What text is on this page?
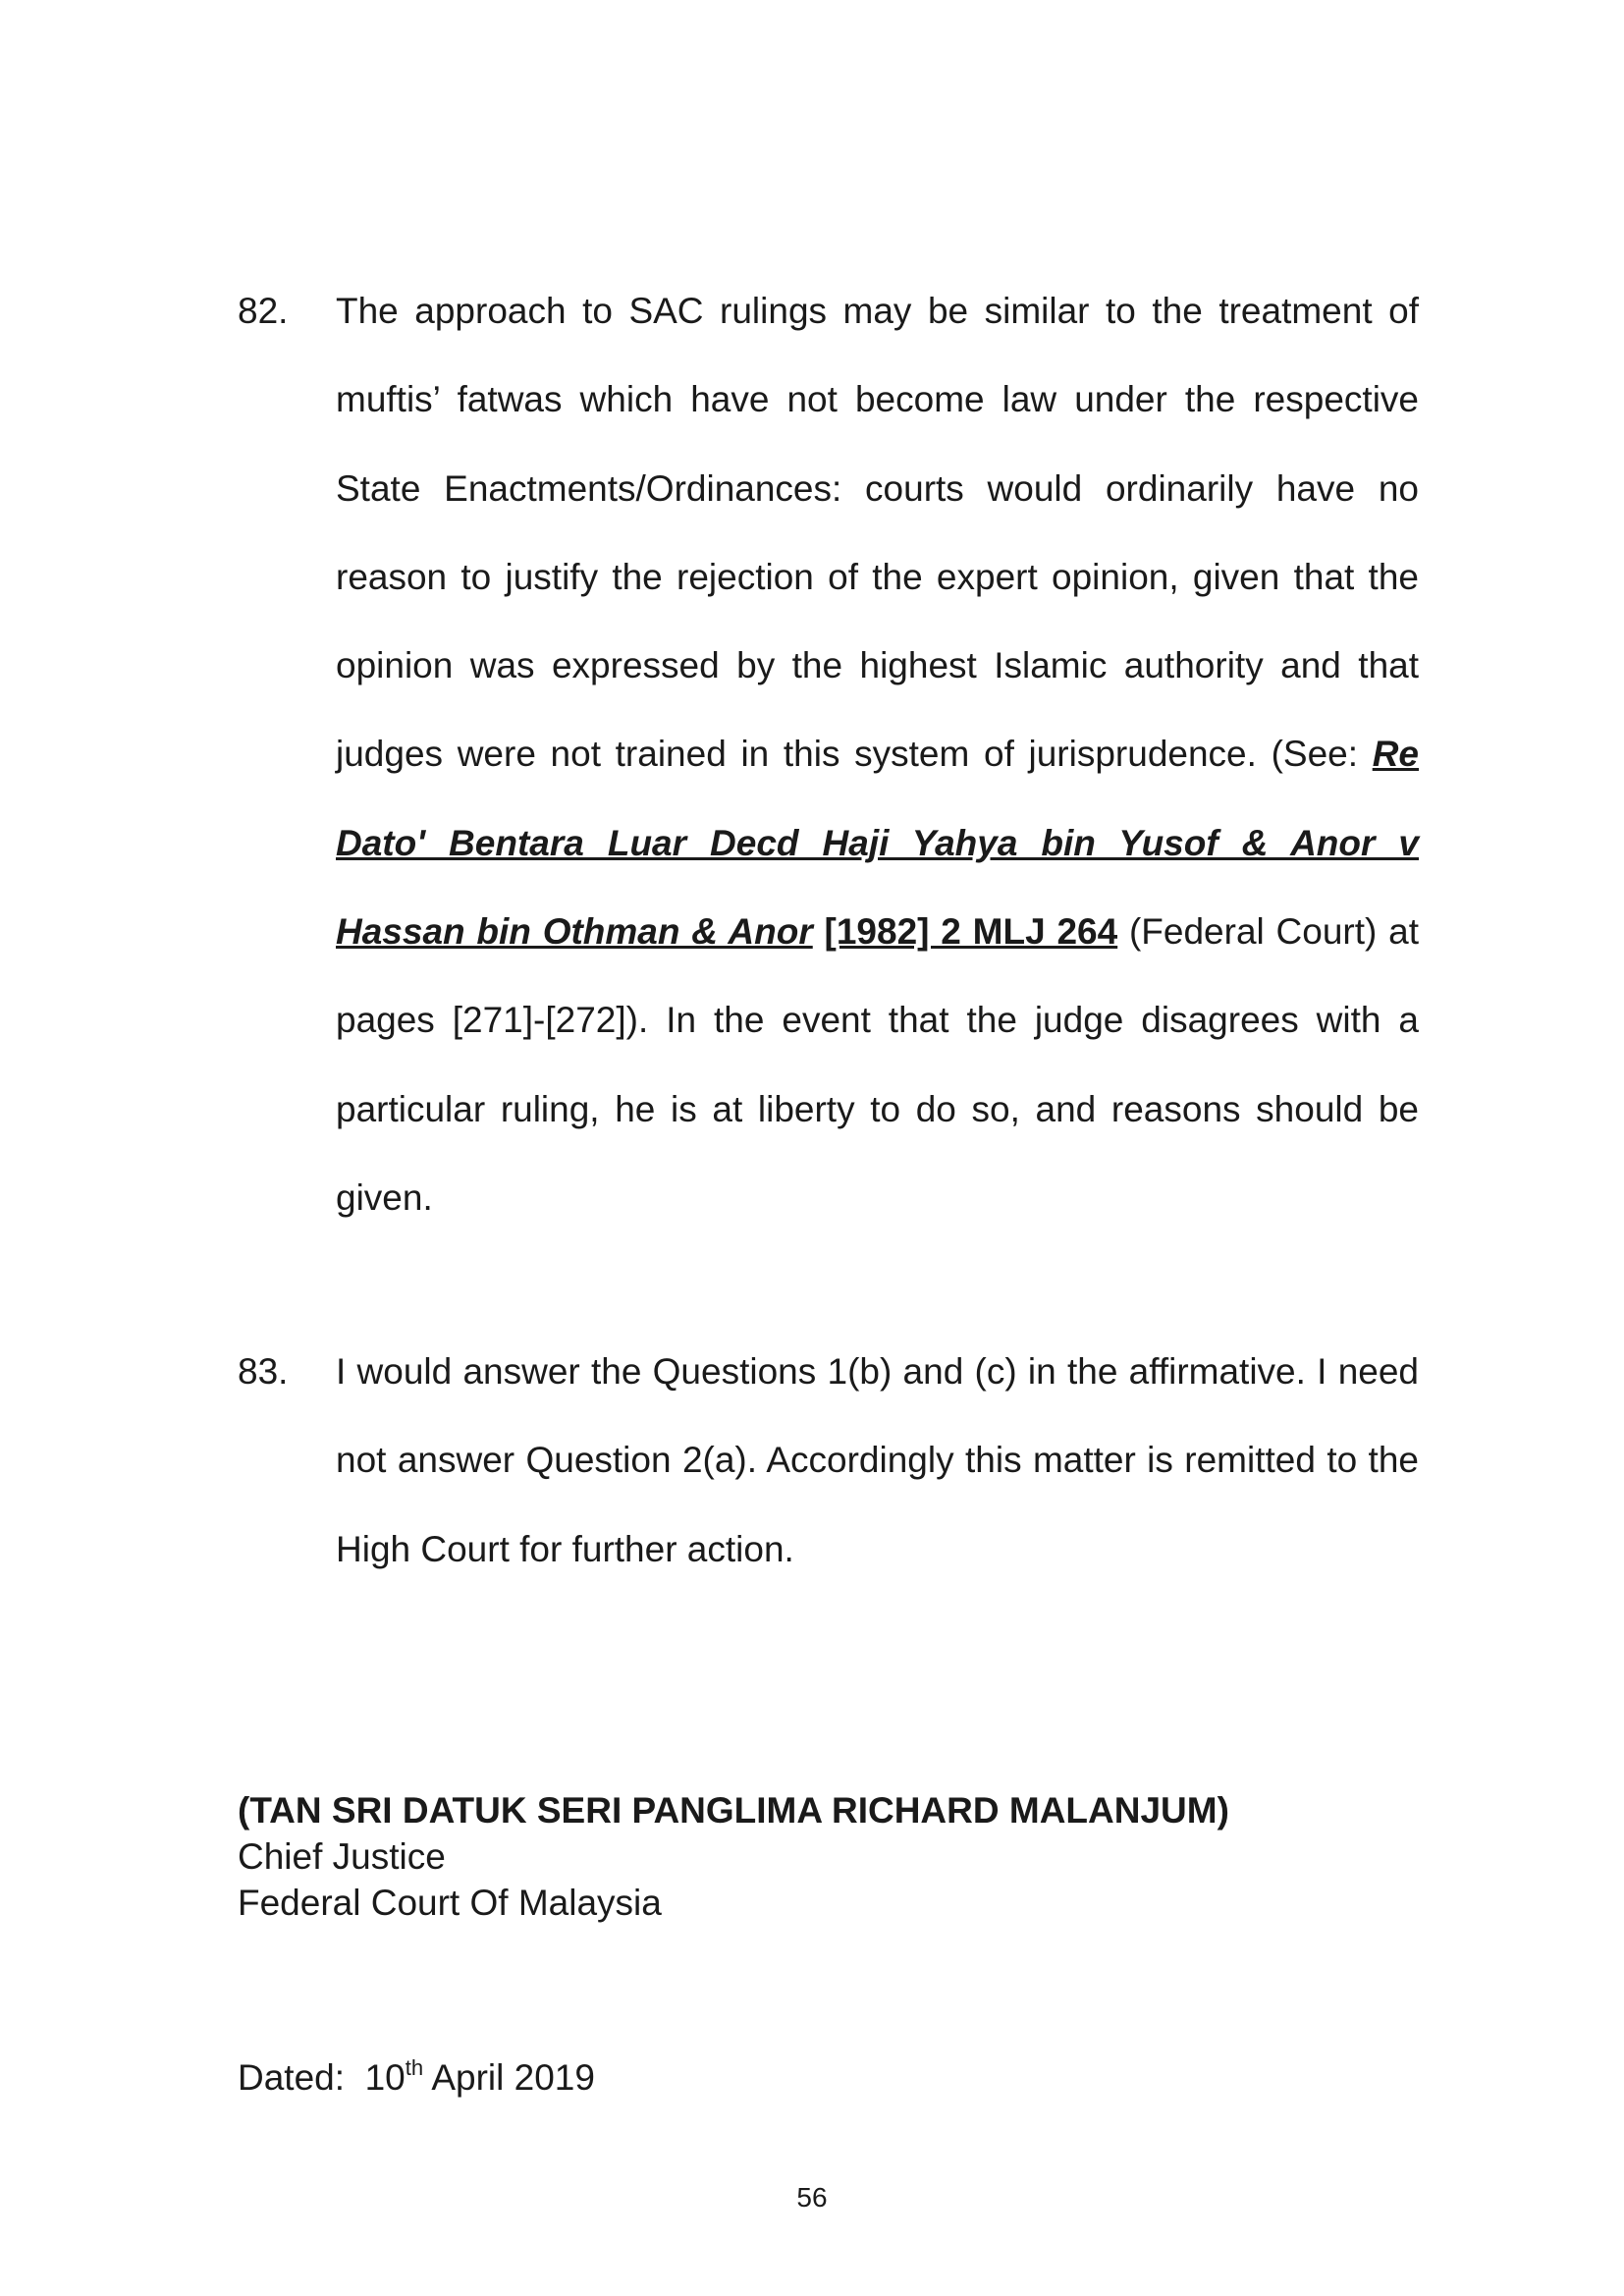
82. The approach to SAC rulings may be similar to the treatment of muftis’ fatwas which have not become law under the respective State Enactments/Ordinances: courts would ordinarily have no reason to justify the rejection of the expert opinion, given that the opinion was expressed by the highest Islamic authority and that judges were not trained in this system of jurisprudence. (See: Re Dato' Bentara Luar Decd Haji Yahya bin Yusof & Anor v Hassan bin Othman & Anor [1982] 2 MLJ 264 (Federal Court) at pages [271]-[272]). In the event that the judge disagrees with a particular ruling, he is at liberty to do so, and reasons should be given.
83. I would answer the Questions 1(b) and (c) in the affirmative. I need not answer Question 2(a). Accordingly this matter is remitted to the High Court for further action.
(TAN SRI DATUK SERI PANGLIMA RICHARD MALANJUM)
Chief Justice
Federal Court Of Malaysia
Dated: 10th April 2019
56
